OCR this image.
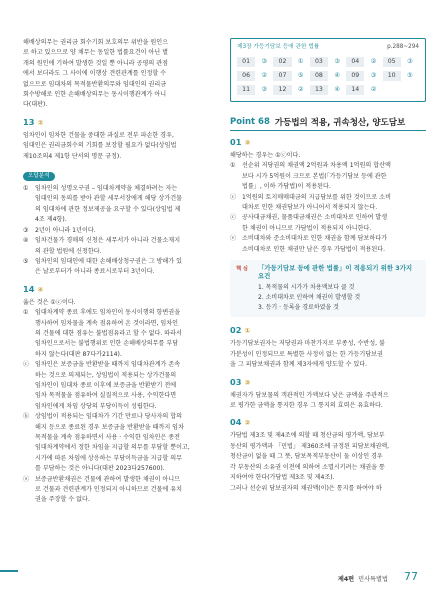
해배상의무는 권리금 회수기회 보호의무 위반을 원인으

로 하고 있으므로 양 채무는 동일한 법률요건이 아닌 별

개의 원인에 기하여 발생한 것일 뿐 아니라 공평의 관점

에서 보더라도 그 사이에 이행상 견련관계를 인정할 수

없으므로 임대차의 목적물반환의무와 임대인의 권리금

회수방해로 인한 손해배상의무는 동시이행관계가 아니

다(대판).

13 ②

임차인이 임차한 건물을 중대한 과실로 전부 파손한 경우,

임대인은 권리금회수의 기회를 보장할 필요가 없다(상임법

제10조의4 제1항 단서의 명문 규정).

오답분석
①	임차인의 성명오구권 – 임대차계약을 체결하려는 자는
임대인의 동의를 받아 관할 세무서장에게 해당 상가건물
의 임대차에 관한 정보제공을 요구할 수 있다(상임법 제
4조 제4항).
③	2년이 아니라 1년이다.
④	임차건물가 경매의 신청은 세무서가 아니라 건물소재지
의 관할 법원에 신청한다.
⑤	임차인의 임대인에 대한 손해배상청구권은 그 방해가 있
은 날로부터가 아니라 종료시로부터 3년이다.

14 ④

옳은 것은 ①ⓒ이다.

①	임대차계약 종료 후에도 임차인이 동시이행의 항변권을
행사하여 임차물을 계속 점유하여 온 것이라면, 임차인
의 건물에 대한 점유는 불법점유라고 할 수 없다. 따라서
임차인으로서는 불법행위로 인한 손해배상의무를 부담
하지 않는다(대판 87다카2114).
ⓒ 임차인은 보증금을 반환받을 때까지 임대차관계가 존속
하는 것으로 의제되는, 상임법이 적용되는 상가건물의
임차인이 임대차 종료 이후에 보증금을 반환받기 전에
임차 목적물을 점유하여 실질적으로 사용, 수익한다면
임차인에게 차임 상당의 부당이득이 성립한다.
ⓑ 상임법이 적용되는 임대차가 기간 만료나 당사자의 합의
해지 등으로 종료된 경우 보증금을 반환받을 때까지 임차
목적물을 계속 점유하면서 사용 · 수익한 임차인은 종전
임대차계약에서 정한 차임을 지급할 의무를 부담할 뿐이고,
시가에 따른 차임에 상응하는 부당이득금을 지급할 의무
를 부담하는 것은 아니다(대판 2023다257600).
ⓐ 보증금반환채권은 건물에 관하여 발생한 채권이 아니므
로 건물과 견련관계가 인정되지 아니하므로 건물에 유치
권을 주장할 수 없다.
제3장 가등기담보 등에 관한 법률	p.288~294
01	③	02	①	03	③	04	②	05	③
06	②	07	⑤	08	④	09	③	10	⑤
11	③	12	②	13	④	14	②
Point 68 가등법의 적용, 귀속청산, 양도담보

01 ③

해당하는 경우는 ①ⓒ이다.

①	선순위 저당권의 채권액 2억원과 차용액 1억원의 합산액
보다 시가 5억원이 크므로 본법(「가등기담보 등에 관한
법률」, 이하 가담법)이 적용된다.
ⓒ 1억원의 토지매매대금의 지급담보를 위한 것이므로 소비
대차로 인한 채권담보가 아니어서 적용되지 않는다.
ⓒ 공사대금채권, 물품대금채권은 소비대차로 인하여 발생
한 채권이 아니므로 가담법이 적용되지 아니한다.
ⓔ 소비대차와 준소비대차로 인한 채권을 함께 담보하다가
소비대차로 인한 채권만 남은 경우 가담법이 적용된다.
핵 심 「가등기담보 등에 관한 법률」이 적용되기 위한 3가지 요건

1. 목적물의 시가가 차용액보다 클 것

2. 소비대차로 인하여 채권이 발생할 것

3. 등기 · 등록을 경료하였을 것

02 ①

가등기담보권자는 저당권과 마찬가지로 부종성, 수반성, 불

가분성이 인정되므로 특별한 사정이 없는 한 가등기담보권

을 그 피담보채권과 함께 제3자에게 양도할 수 있다.

03 ③

채권자가 담보물의 객관적인 가액보다 낮은 금액을 주관적으

로 평가한 금액을 통지한 경우 그 통지의 효력은 유효하다.

04 ②

가담법 제3조 및 제4조에 의할 때 청산금의 평가액, 담보부

동산의 평가액과 「민법」 제360조에 규정된 피담보채권액,

청산금이 없을 때 그 뜻, 담보목적부동산이 둘 이상인 경우

각 부동산의 소유권 이전에 의하여 소멸시키려는 채권을 통

지하여야 한다(가담법 제3조 및 제4조).

그러나 선순위 담보권자의 채권액(이)은 통지를 하여야 하

제4편 민사특별법 77
